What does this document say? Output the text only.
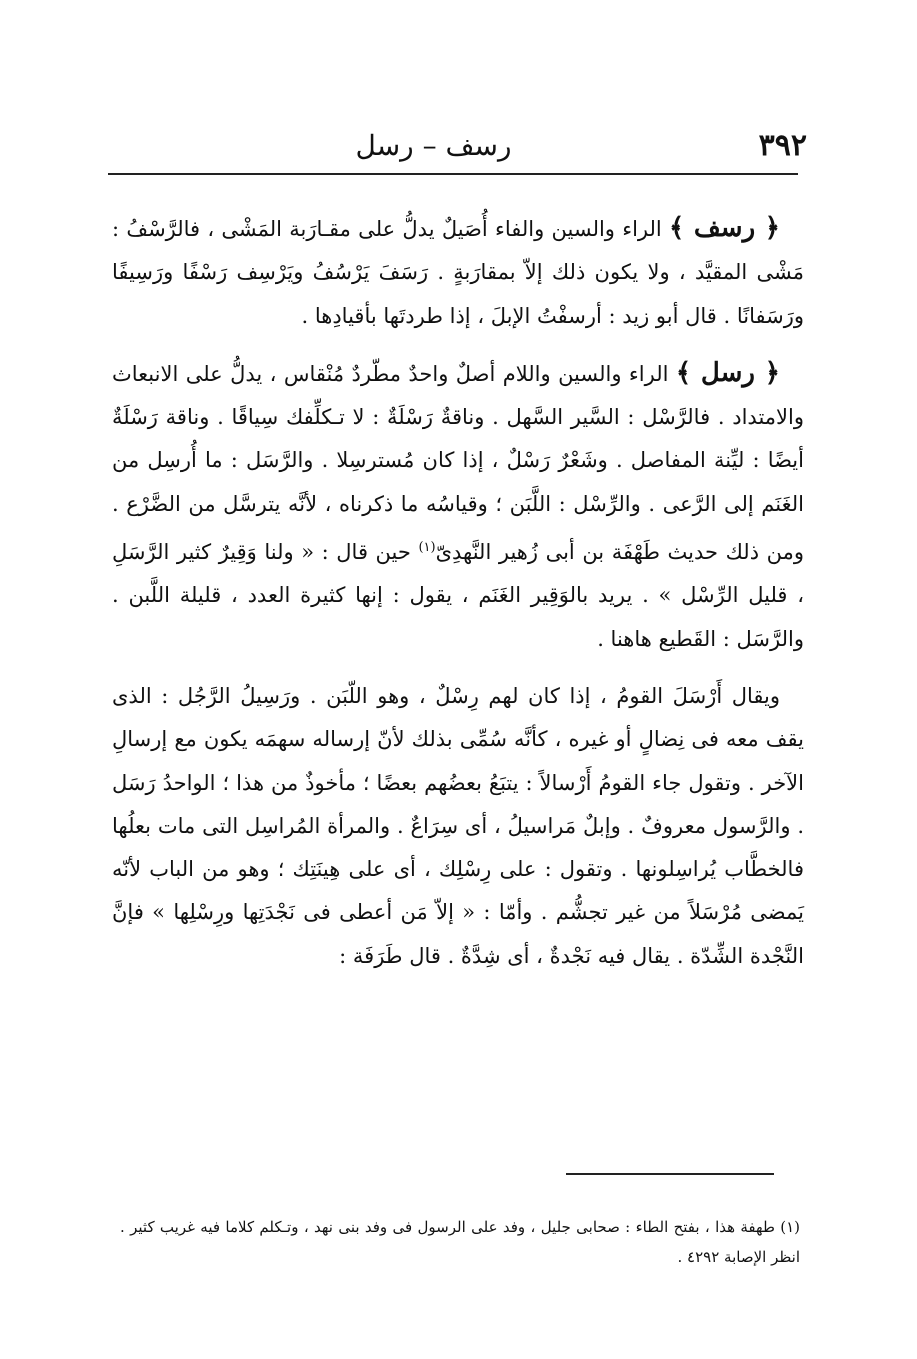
٣٩٢
رسف – رسل

﴿ رسف ﴾ الراء والسين والفاء أُصَيلٌ يدلُّ على مقـارَبة المَشْى ، فالرَّسْفُ : مَشْى المقيَّد ، ولا يكون ذلك إلاّ بمقارَبةٍ . رَسَفَ يَرْسُفُ ويَرْسِف رَسْفًا ورَسِيفًا ورَسَفانًا . قال أبو زيد : أرسفْتُ الإبلَ ، إذا طردتَها بأقيادِها .

﴿ رسل ﴾ الراء والسين واللام أصلٌ واحدٌ مطّردٌ مُنْقاس ، يدلُّ على الانبعاث والامتداد . فالرَّسْل : السَّير السَّهل . وناقةٌ رَسْلَةٌ : لا تـكلِّفك سِياقًا . وناقة رَسْلَةٌ أيضًا : ليِّنة المفاصل . وشَعْرٌ رَسْلٌ ، إذا كان مُسترسِلا . والرَّسَل : ما أُرسِل من الغَنَم إلى الرَّعى . والرِّسْل : اللَّبَن ؛ وقياسُه ما ذكرناه ، لأنَّه يترسَّل من الضَّرْع . ومن ذلك حديث طَهْفَة بن أبى زُهير النَّهدِىّ$^{(١)}$ حين قال : « ولنا وَقِيرٌ كثير الرَّسَلِ ، قليل الرِّسْل » . يريد بالوَقِير الغَنَم ، يقول : إنها كثيرة العدد ، قليلة اللَّبن . والرَّسَل : القَطيع هاهنا .

ويقال أَرْسَلَ القومُ ، إذا كان لهم رِسْلٌ ، وهو اللّبَن . ورَسِيلُ الرَّجُل : الذى يقف معه فى نِضالٍ أو غيره ، كأنَّه سُمِّى بذلك لأنّ إرساله سهمَه يكون مع إرسالِ الآخر . وتقول جاء القومُ أَرْسالاً : يتبَعُ بعضُهم بعضًا ؛ مأخوذٌ من هذا ؛ الواحدُ رَسَل . والرَّسول معروفٌ . وإبلٌ مَراسيلُ ، أى سِرَاعٌ . والمرأة المُراسِل التى مات بعلُها فالخطَّاب يُراسِلونها . وتقول : على رِسْلِك ، أى على هِينَتِك ؛ وهو من الباب لأنّه يَمضى مُرْسَلاً من غير تجشُّم . وأمّا : « إلاّ مَن أعطى فى نَجْدَتِها ورِسْلِها » فإنَّ النَّجْدة الشِّدّة . يقال فيه نَجْدةٌ ، أى شِدَّةٌ . قال طَرَفَة :

(١) طهفة هذا ، بفتح الطاء : صحابى جليل ، وفد على الرسول فى وفد بنى نهد ، وتـكلم كلاما فيه غريب كثير . انظر الإصابة ٤٢٩٢ .
